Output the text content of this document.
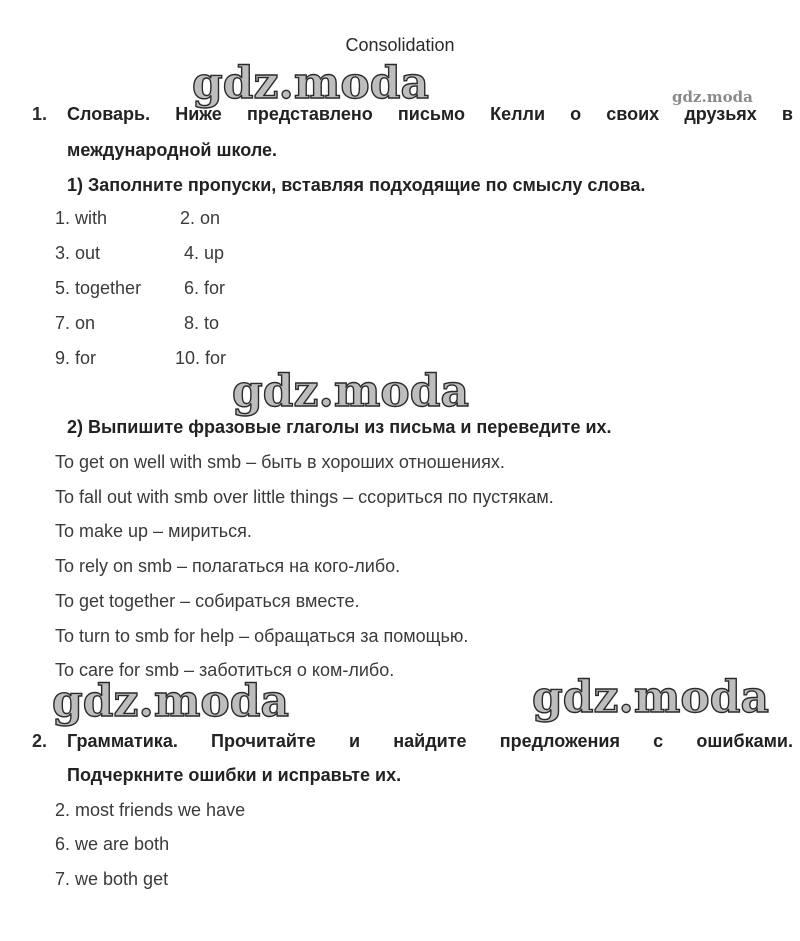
Consolidation
gdz.moda	gdz.moda
gdz.moda
gdz.moda	gdz.moda
1. Словарь. Ниже представлено письмо Келли о своих друзьях в
международной школе.
1) Заполните пропуски, вставляя подходящие по смыслу слова.
1. with	2. on
3. out	4. up
5. together 6. for
7. on	8. to
9. for	10. for
2) Выпишите фразовые глаголы из письма и переведите их.
To get on well with smb – быть в хороших отношениях.
To fall out with smb over little things – ссориться по пустякам.
To make up – мириться.
To rely on smb – полагаться на кого-либо.
To get together – собираться вместе.
To turn to smb for help – обращаться за помощью.
To care for smb – заботиться о ком-либо.
2. Грамматика. Прочитайте и найдите предложения с ошибками.
Подчеркните ошибки и исправьте их.
2. most friends we have
6. we are both
7. we both get
